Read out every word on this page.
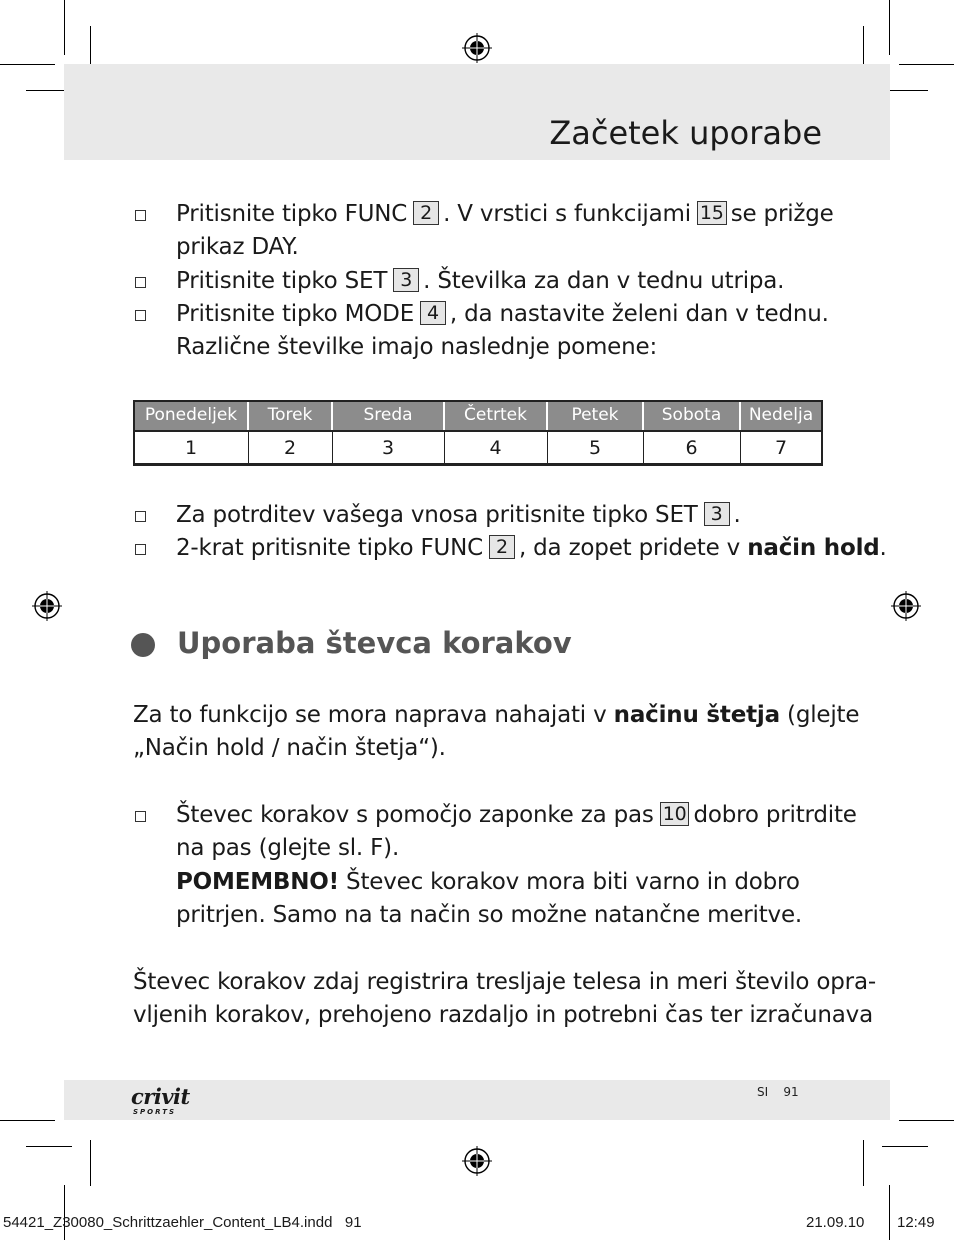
Začetek uporabe
Pritisnite tipko FUNC 2 . V vrstici s funkcijami 15 se prižge
prikaz DAY.
Pritisnite tipko SET 3 . Številka za dan v tednu utripa.
Pritisnite tipko MODE 4 , da nastavite želeni dan v tednu.
Različne številke imajo naslednje pomene:
Ponedeljek	Torek	Sreda	Četrtek	Petek	Sobota	Nedelja
1	2	3	4	5	6	7
Za potrditev vašega vnosa pritisnite tipko SET 3 .
2-krat pritisnite tipko FUNC 2 , da zopet pridete v način hold.
Uporaba števca korakov
Za to funkcijo se mora naprava nahajati v načinu štetja (glejte
„Način hold / način štetja“).
Števec korakov s pomočjo zaponke za pas 10 dobro pritrdite
na pas (glejte sl. F).
POMEMBNO! Števec korakov mora biti varno in dobro
pritrjen. Samo na ta način so možne natančne meritve.
Števec korakov zdaj registrira tresljaje telesa in meri število opra-
vljenih korakov, prehojeno razdaljo in potrebni čas ter izračunava
crivit
SPORTS
SI 91
54421_Z30080_Schrittzaehler_Content_LB4.indd   91	21.09.10 12:49
